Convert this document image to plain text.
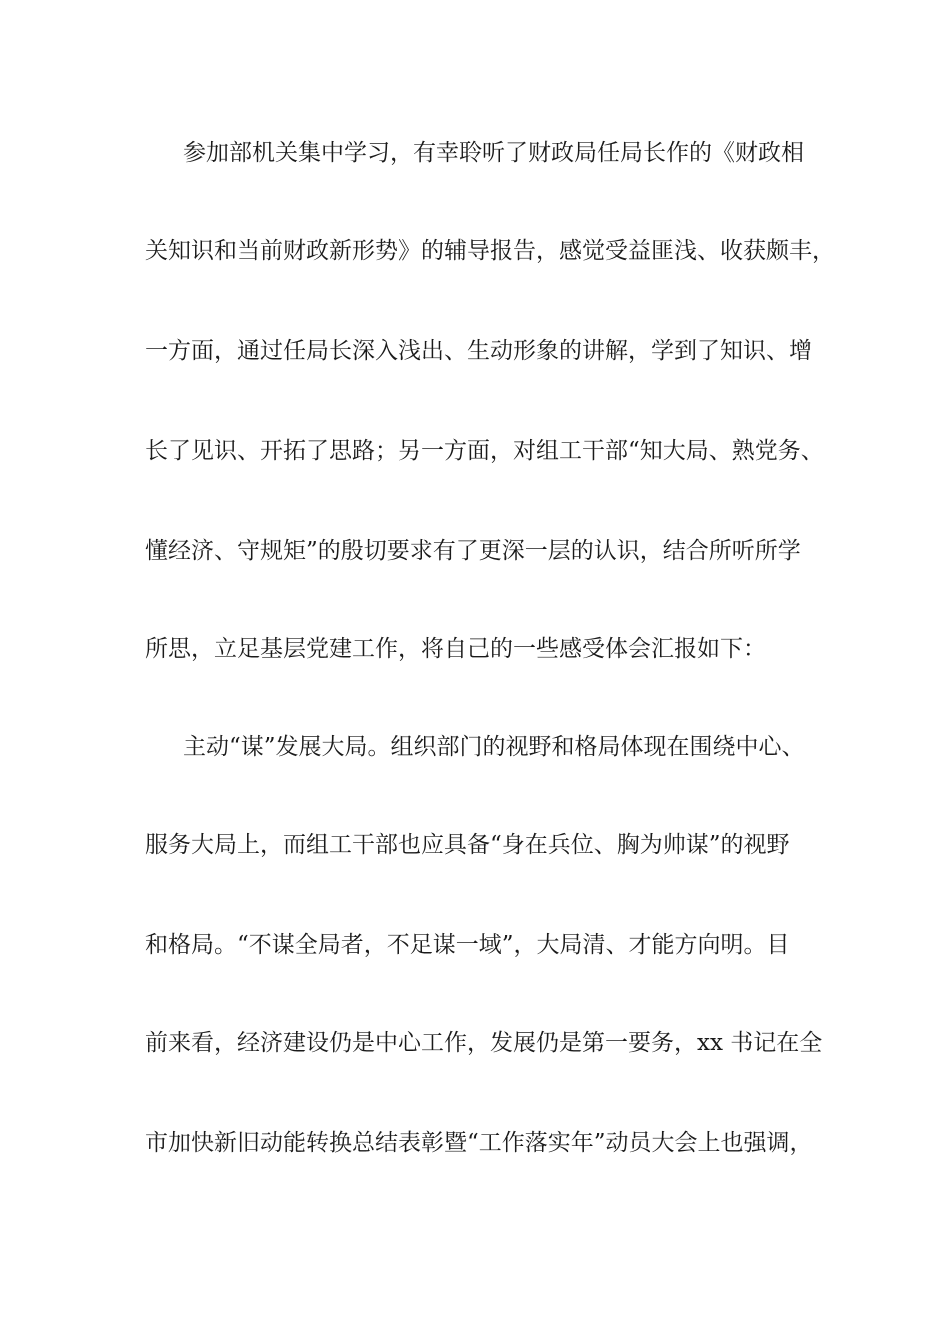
参加部机关集中学习，有幸聆听了财政局任局长作的《财政相
关知识和当前财政新形势》的辅导报告，感觉受益匪浅、收获颇丰，
一方面，通过任局长深入浅出、生动形象的讲解，学到了知识、增
长了见识、开拓了思路；另一方面，对组工干部“知大局、熟党务、
懂经济、守规矩”的殷切要求有了更深一层的认识，结合所听所学
所思，立足基层党建工作，将自己的一些感受体会汇报如下：
主动“谋”发展大局。组织部门的视野和格局体现在围绕中心、
服务大局上，而组工干部也应具备“身在兵位、胸为帅谋”的视野
和格局。“不谋全局者，不足谋一域”，大局清、才能方向明。目
前来看，经济建设仍是中心工作，发展仍是第一要务，xx 书记在全
市加快新旧动能转换总结表彰暨“工作落实年”动员大会上也强调，
